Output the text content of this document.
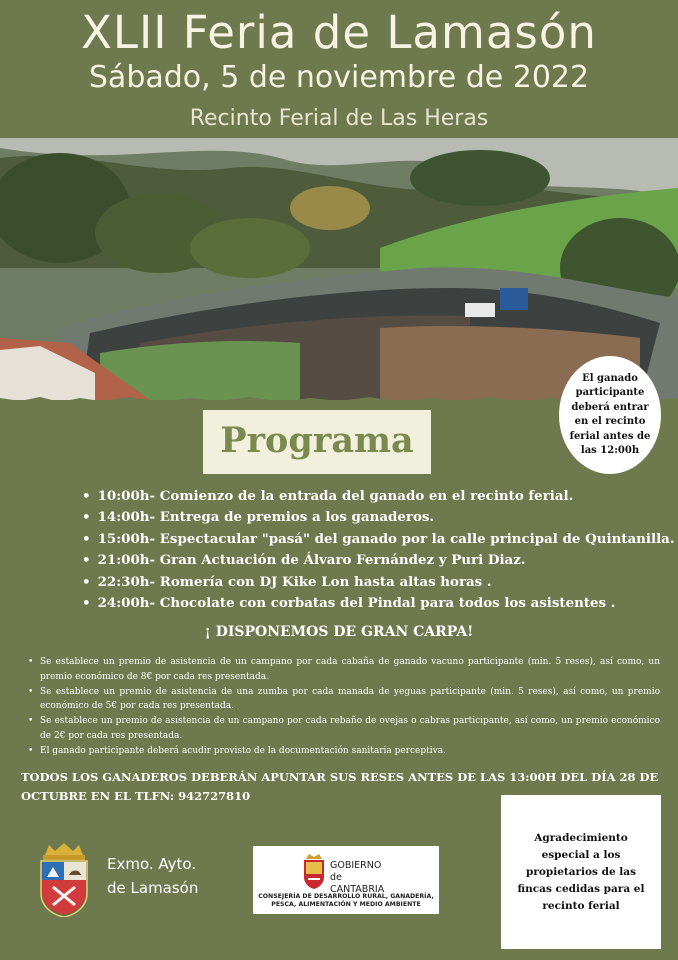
XLII Feria de Lamasón
Sábado, 5 de noviembre de 2022
Recinto Ferial de Las Heras
El ganado participante deberá entrar en el recinto ferial antes de las 12:00h
Programa
• 10:00h- Comienzo de la entrada del ganado en el recinto ferial.
• 14:00h- Entrega de premios a los ganaderos.
• 15:00h- Espectacular "pasá" del ganado por la calle principal de Quintanilla.
• 21:00h- Gran Actuación de Álvaro Fernández y Puri Diaz.
• 22:30h- Romería con DJ Kike Lon hasta altas horas .
• 24:00h- Chocolate con corbatas del Pindal para todos los asistentes .
¡ DISPONEMOS DE GRAN CARPA!
• Se establece un premio de asistencia de un campano por cada cabaña de ganado vacuno participante (min. 5 reses), así como, un premio económico de 8€ por cada res presentada.
• Se establece un premio de asistencia de una zumba por cada manada de yeguas participante (min. 5 reses), así como, un premio económico de 5€ por cada res presentada.
• Se establece un premio de asistencia de un campano por cada rebaño de ovejas o cabras participante, así como, un premio económico de 2€ por cada res presentada.
• El ganado participante deberá acudir provisto de la documentación sanitaria perceptiva.
TODOS LOS GANADEROS DEBERÁN APUNTAR SUS RESES ANTES DE LAS 13:00H DEL DÍA 28 DE OCTUBRE EN EL TLFN: 942727810
Exmo. Ayto.
de Lamasón
GOBIERNO
de
CANTABRIA
CONSEJERÍA DE DESARROLLO RURAL, GANADERÍA, PESCA, ALIMENTACIÓN Y MEDIO AMBIENTE
Agradecimiento especial a los propietarios de las fincas cedidas para el recinto ferial
